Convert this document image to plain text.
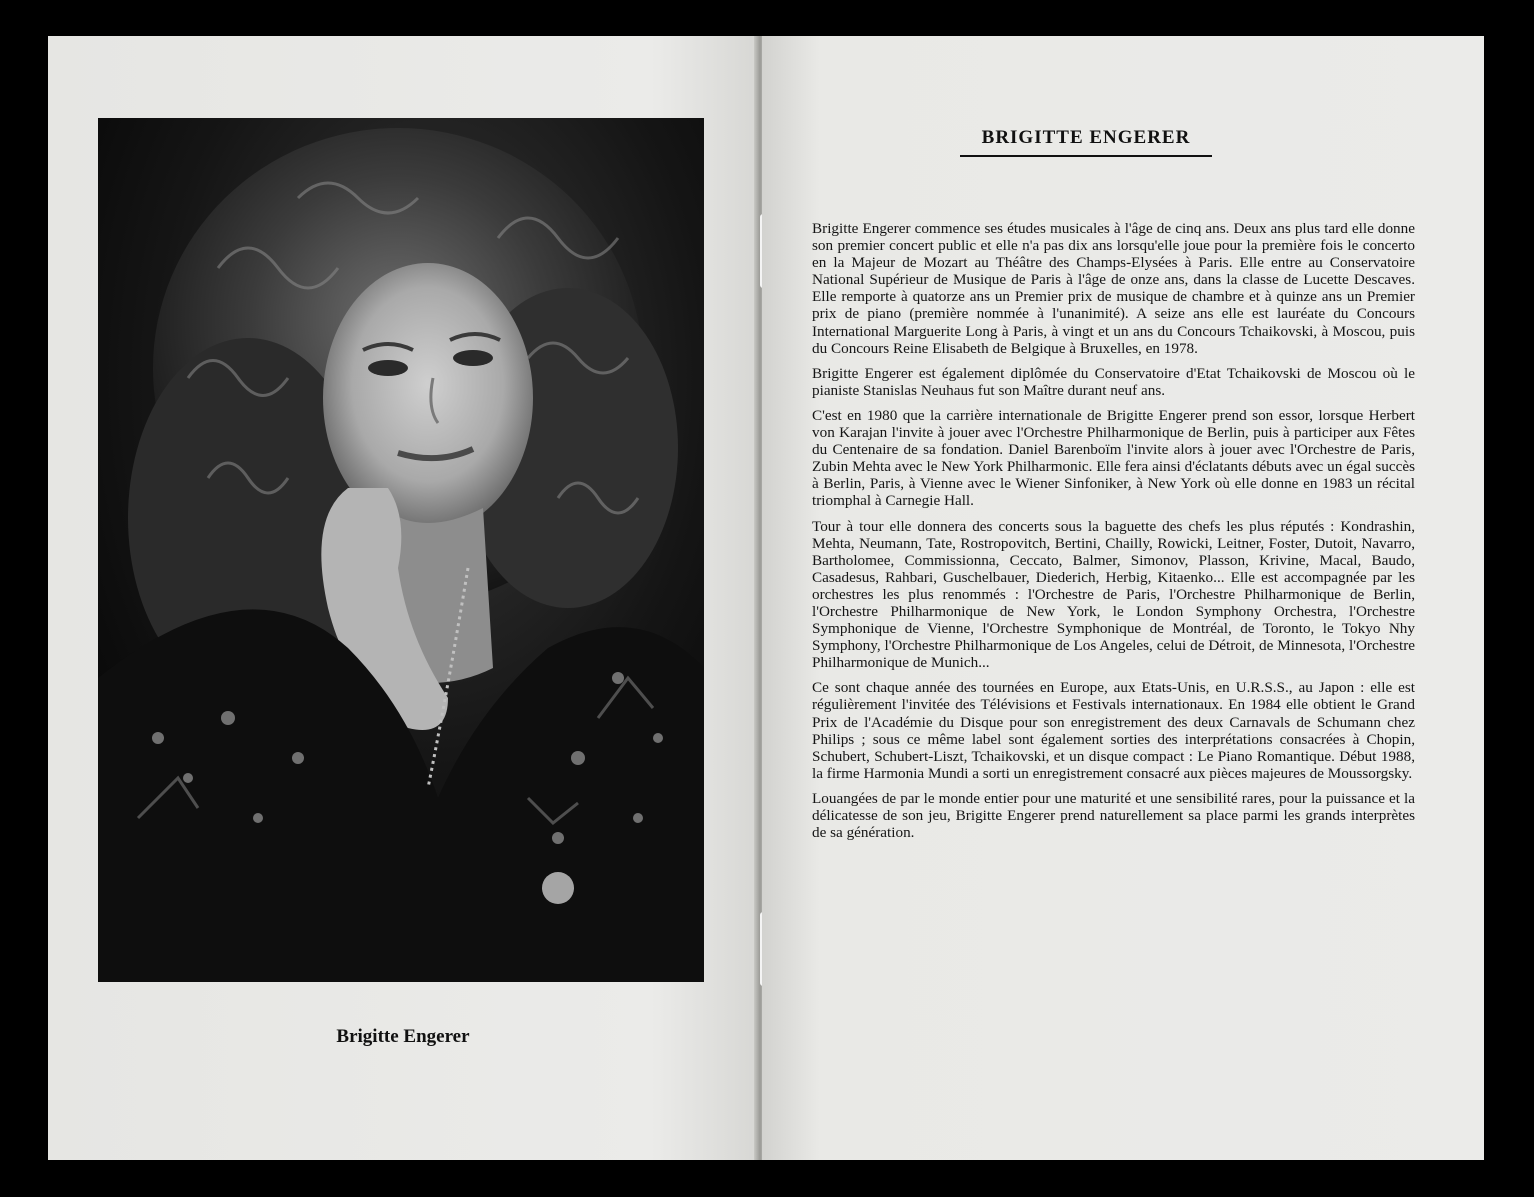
Brigitte Engerer
BRIGITTE ENGERER

Brigitte Engerer commence ses études musicales à l'âge de cinq ans. Deux ans plus tard elle donne son premier concert public et elle n'a pas dix ans lorsqu'elle joue pour la première fois le concerto en la Majeur de Mozart au Théâtre des Champs-Elysées à Paris. Elle entre au Conservatoire National Supérieur de Musique de Paris à l'âge de onze ans, dans la classe de Lucette Descaves. Elle remporte à quatorze ans un Premier prix de musique de chambre et à quinze ans un Premier prix de piano (première nommée à l'unanimité). A seize ans elle est lauréate du Concours International Marguerite Long à Paris, à vingt et un ans du Concours Tchaikovski, à Moscou, puis du Concours Reine Elisabeth de Belgique à Bruxelles, en 1978.

Brigitte Engerer est également diplômée du Conservatoire d'Etat Tchaikovski de Moscou où le pianiste Stanislas Neuhaus fut son Maître durant neuf ans.

C'est en 1980 que la carrière internationale de Brigitte Engerer prend son essor, lorsque Herbert von Karajan l'invite à jouer avec l'Orchestre Philharmonique de Berlin, puis à participer aux Fêtes du Centenaire de sa fondation. Daniel Barenboïm l'invite alors à jouer avec l'Orchestre de Paris, Zubin Mehta avec le New York Philharmonic. Elle fera ainsi d'éclatants débuts avec un égal succès à Berlin, Paris, à Vienne avec le Wiener Sinfoniker, à New York où elle donne en 1983 un récital triomphal à Carnegie Hall.

Tour à tour elle donnera des concerts sous la baguette des chefs les plus réputés : Kondrashin, Mehta, Neumann, Tate, Rostropovitch, Bertini, Chailly, Rowicki, Leitner, Foster, Dutoit, Navarro, Bartholomee, Commissionna, Ceccato, Balmer, Simonov, Plasson, Krivine, Macal, Baudo, Casadesus, Rahbari, Guschelbauer, Diederich, Herbig, Kitaenko... Elle est accompagnée par les orchestres les plus renommés : l'Orchestre de Paris, l'Orchestre Philharmonique de Berlin, l'Orchestre Philharmonique de New York, le London Symphony Orchestra, l'Orchestre Symphonique de Vienne, l'Orchestre Symphonique de Montréal, de Toronto, le Tokyo Nhy Symphony, l'Orchestre Philharmonique de Los Angeles, celui de Détroit, de Minnesota, l'Orchestre Philharmonique de Munich...

Ce sont chaque année des tournées en Europe, aux Etats-Unis, en U.R.S.S., au Japon : elle est régulièrement l'invitée des Télévisions et Festivals internationaux. En 1984 elle obtient le Grand Prix de l'Académie du Disque pour son enregistrement des deux Carnavals de Schumann chez Philips ; sous ce même label sont également sorties des interprétations consacrées à Chopin, Schubert, Schubert-Liszt, Tchaikovski, et un disque compact : Le Piano Romantique. Début 1988, la firme Harmonia Mundi a sorti un enregistrement consacré aux pièces majeures de Moussorgsky.

Louangées de par le monde entier pour une maturité et une sensibilité rares, pour la puissance et la délicatesse de son jeu, Brigitte Engerer prend naturellement sa place parmi les grands interprètes de sa génération.
